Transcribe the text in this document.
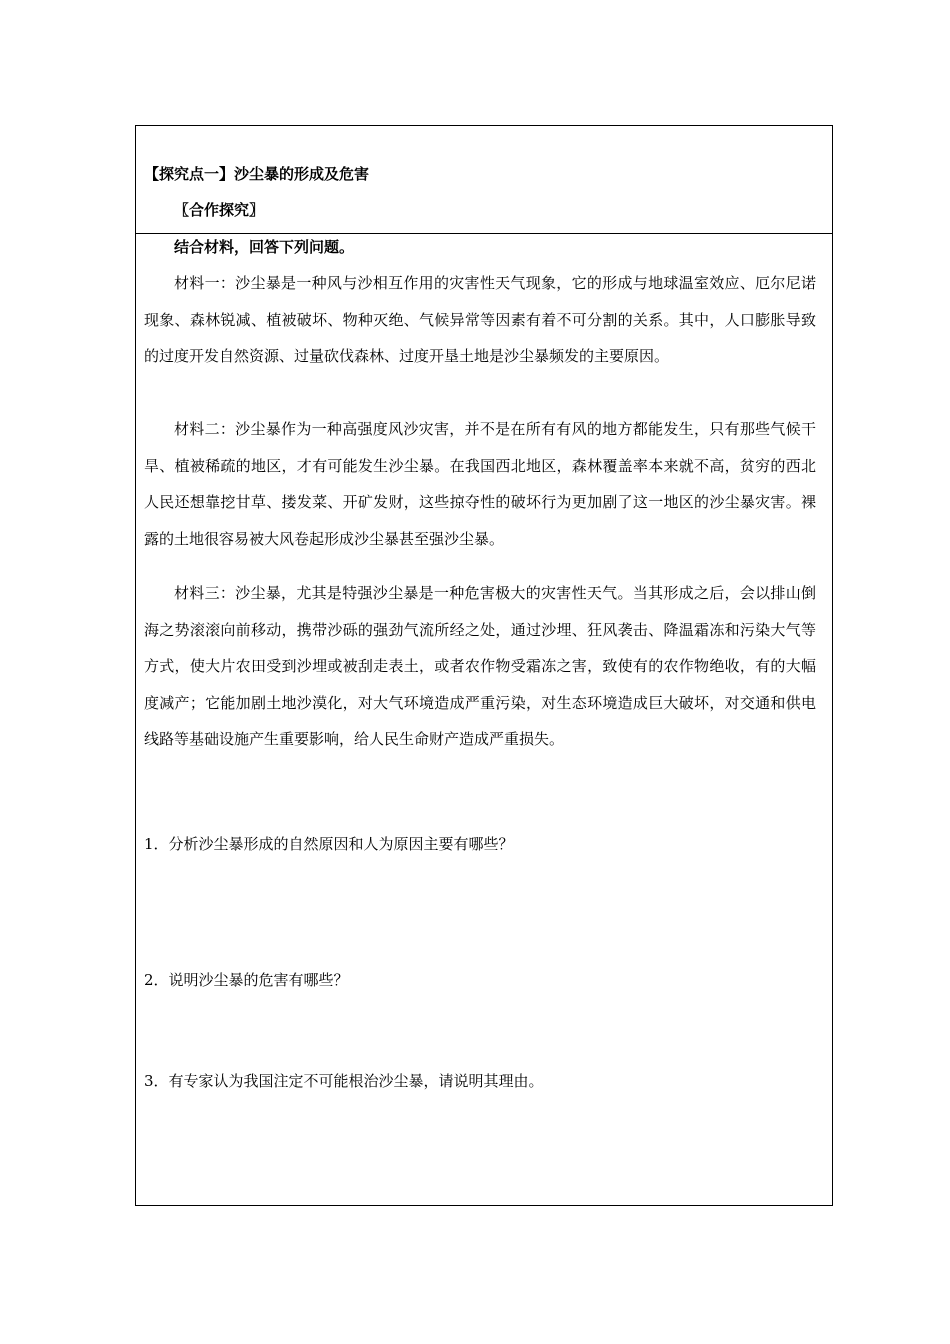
【探究点一】沙尘暴的形成及危害
〖合作探究〗
结合材料，回答下列问题。
材料一：沙尘暴是一种风与沙相互作用的灾害性天气现象，它的形成与地球温室效应、厄尔尼诺现象、森林锐减、植被破坏、物种灭绝、气候异常等因素有着不可分割的关系。其中，人口膨胀导致的过度开发自然资源、过量砍伐森林、过度开垦土地是沙尘暴频发的主要原因。
材料二：沙尘暴作为一种高强度风沙灾害，并不是在所有有风的地方都能发生，只有那些气候干旱、植被稀疏的地区，才有可能发生沙尘暴。在我国西北地区，森林覆盖率本来就不高，贫穷的西北人民还想靠挖甘草、搂发菜、开矿发财，这些掠夺性的破坏行为更加剧了这一地区的沙尘暴灾害。裸露的土地很容易被大风卷起形成沙尘暴甚至强沙尘暴。
材料三：沙尘暴，尤其是特强沙尘暴是一种危害极大的灾害性天气。当其形成之后，会以排山倒海之势滚滚向前移动，携带沙砾的强劲气流所经之处，通过沙埋、狂风袭击、降温霜冻和污染大气等方式，使大片农田受到沙埋或被刮走表土，或者农作物受霜冻之害，致使有的农作物绝收，有的大幅度减产；它能加剧土地沙漠化，对大气环境造成严重污染，对生态环境造成巨大破坏，对交通和供电线路等基础设施产生重要影响，给人民生命财产造成严重损失。
1．分析沙尘暴形成的自然原因和人为原因主要有哪些？
2．说明沙尘暴的危害有哪些？
3．有专家认为我国注定不可能根治沙尘暴，请说明其理由。
